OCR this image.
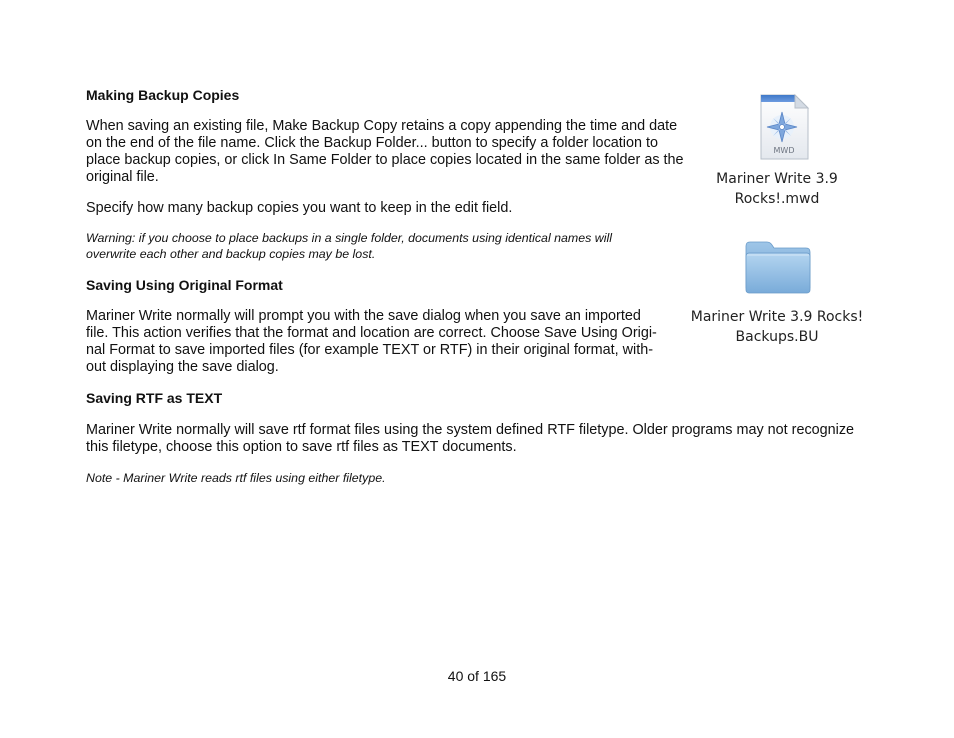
Making Backup Copies
When saving an existing file, Make Backup Copy retains a copy appending the time and date
on the end of the file name. Click the Backup Folder... button to specify a folder location to
place backup copies, or click In Same Folder to place copies located in the same folder as the
original file.
Specify how many backup copies you want to keep in the edit field.
Warning: if you choose to place backups in a single folder, documents using identical names will
overwrite each other and backup copies may be lost.
Saving Using Original Format
Mariner Write normally will prompt you with the save dialog when you save an imported
file. This action verifies that the format and location are correct. Choose Save Using Origi-
nal Format to save imported files (for example TEXT or RTF) in their original format, with-
out displaying the save dialog.
Saving RTF as TEXT
Mariner Write normally will save rtf format files using the system defined RTF filetype. Older programs may not recognize
this filetype, choose this option to save rtf files as TEXT documents.
Note - Mariner Write reads rtf files using either filetype.
MWD
Mariner Write 3.9
Rocks!.mwd
Mariner Write 3.9 Rocks!
Backups.BU
40 of 165
